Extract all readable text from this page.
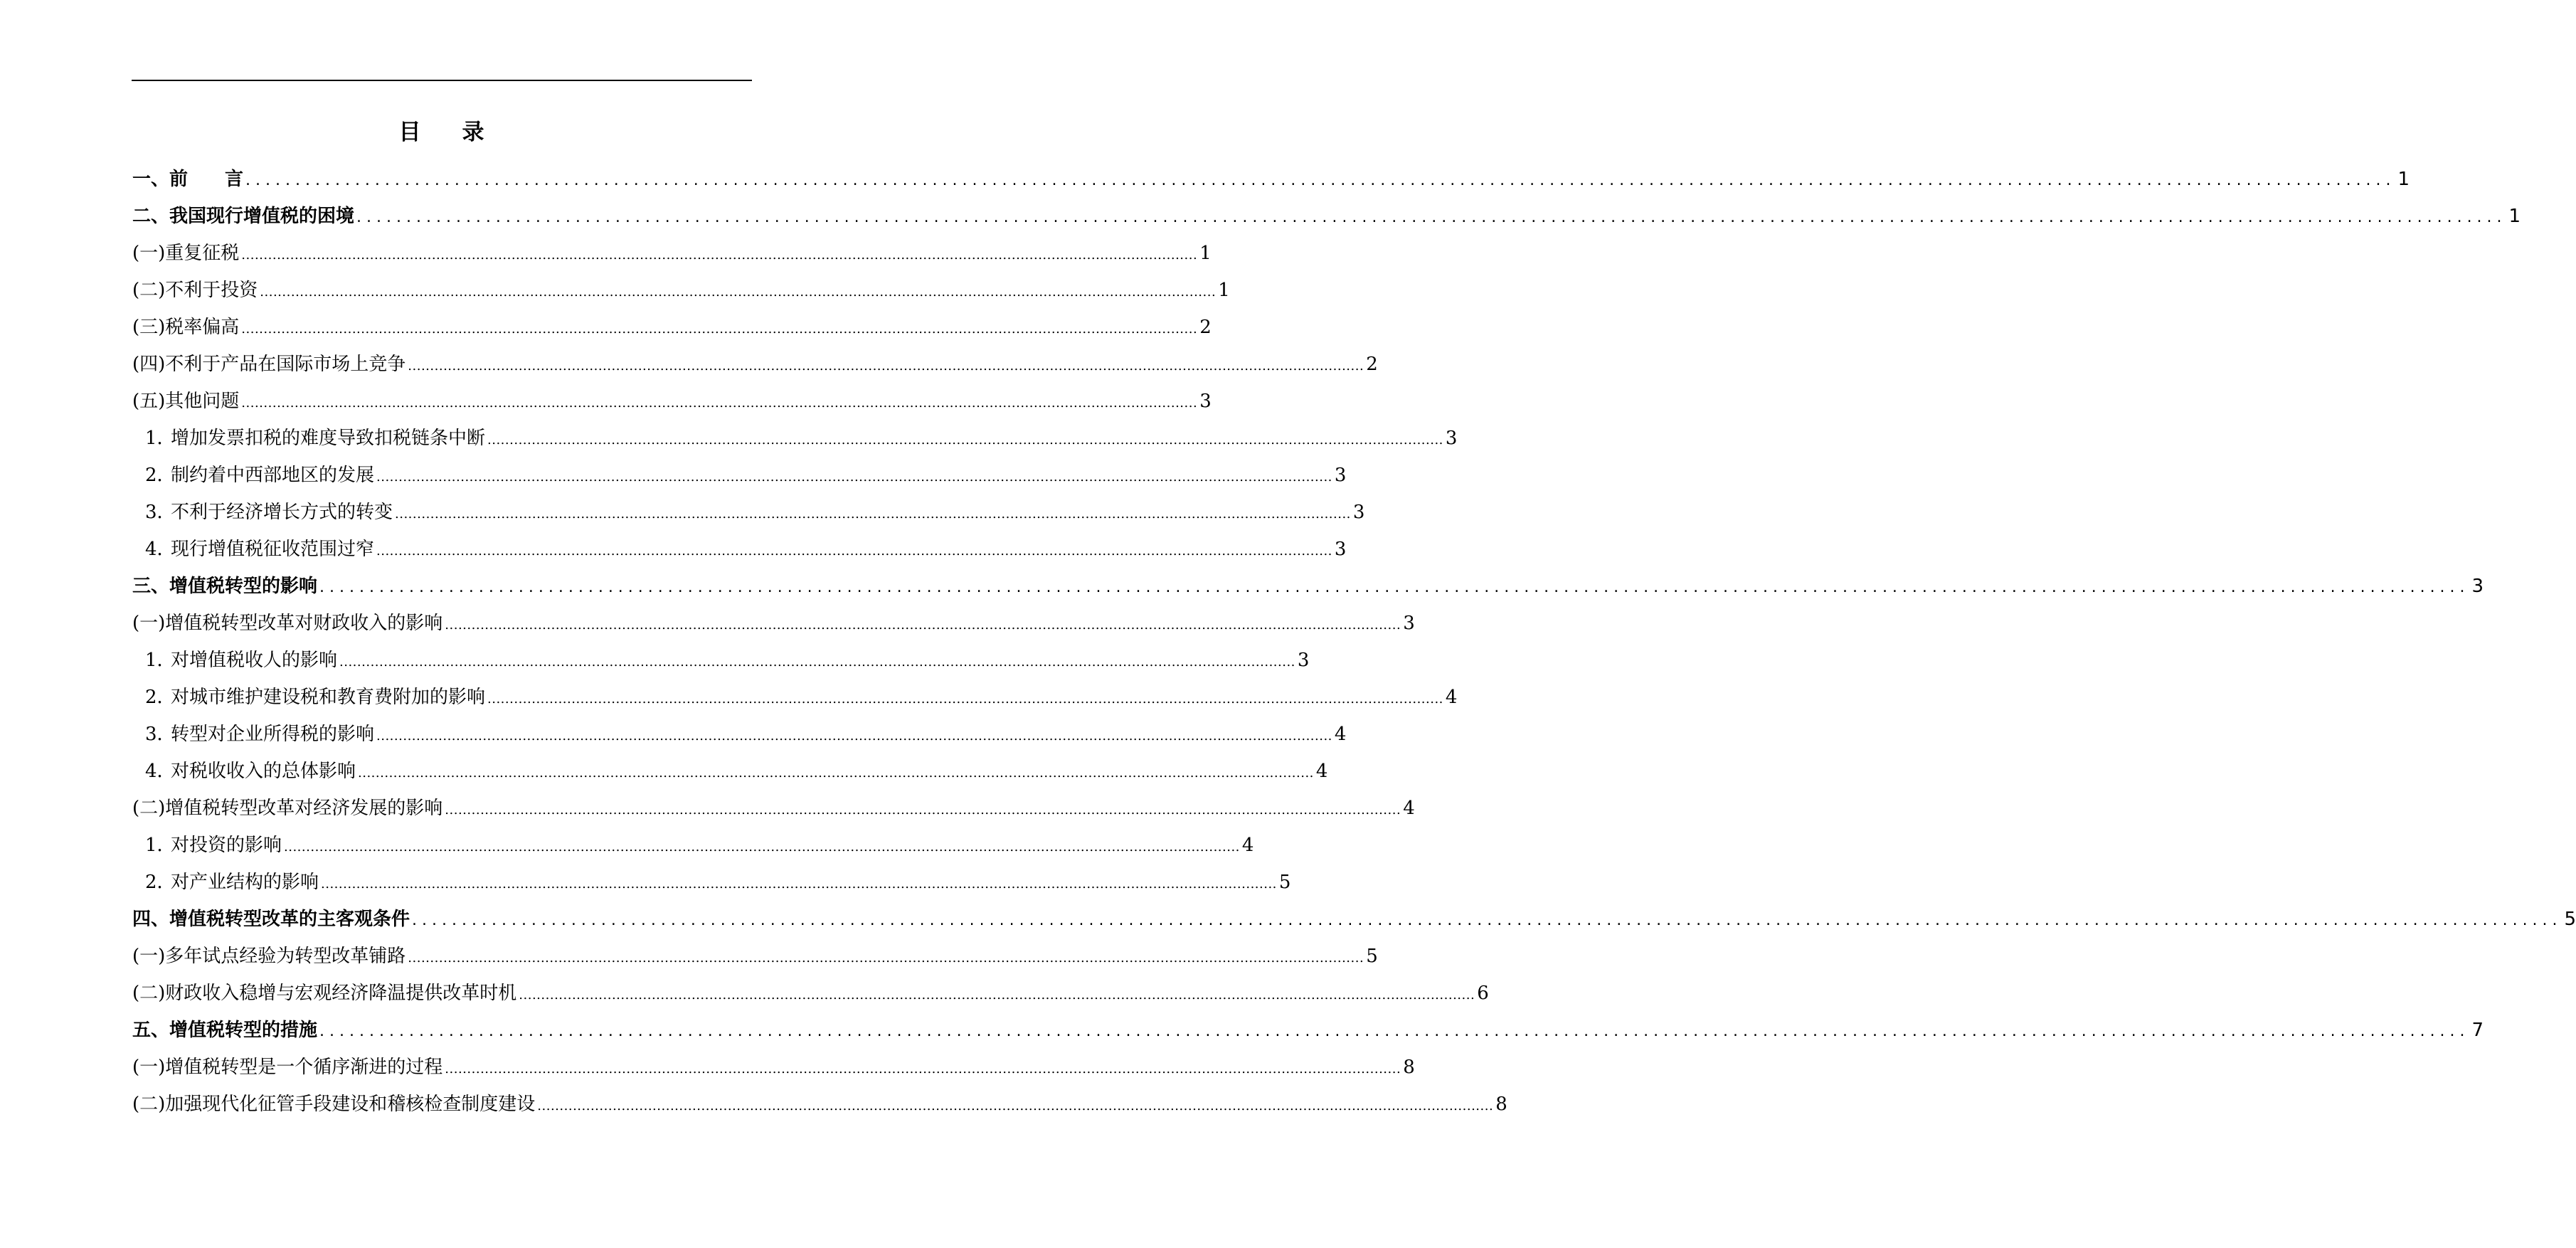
目 录
一、前　　言 ........................................................................................................................................................................................................................ 1
二、我国现行增值税的困境 ........................................................................................................................................................................................................................ 1
(一)重复征税 ........................................................................................................................................................................................................................ 1
(二)不利于投资 ........................................................................................................................................................................................................................ 1
(三)税率偏高 ........................................................................................................................................................................................................................ 2
(四)不利于产品在国际市场上竞争 ........................................................................................................................................................................................................................ 2
(五)其他问题 ........................................................................................................................................................................................................................ 3
1．增加发票扣税的难度导致扣税链条中断 ........................................................................................................................................................................................................................ 3
2．制约着中西部地区的发展 ........................................................................................................................................................................................................................ 3
3．不利于经济增长方式的转变 ........................................................................................................................................................................................................................ 3
4．现行增值税征收范围过窄 ........................................................................................................................................................................................................................ 3
三、增值税转型的影响 ........................................................................................................................................................................................................................ 3
(一)增值税转型改革对财政收入的影响 ........................................................................................................................................................................................................................ 3
1．对增值税收人的影响 ........................................................................................................................................................................................................................ 3
2．对城市维护建设税和教育费附加的影响 ........................................................................................................................................................................................................................ 4
3．转型对企业所得税的影响 ........................................................................................................................................................................................................................ 4
4．对税收收入的总体影响 ........................................................................................................................................................................................................................ 4
(二)增值税转型改革对经济发展的影响 ........................................................................................................................................................................................................................ 4
1．对投资的影响 ........................................................................................................................................................................................................................ 4
2．对产业结构的影响 ........................................................................................................................................................................................................................ 5
四、增值税转型改革的主客观条件 ........................................................................................................................................................................................................................ 5
(一)多年试点经验为转型改革铺路 ........................................................................................................................................................................................................................ 5
(二)财政收入稳增与宏观经济降温提供改革时机 ........................................................................................................................................................................................................................ 6
五、增值税转型的措施 ........................................................................................................................................................................................................................ 7
(一)增值税转型是一个循序渐进的过程 ........................................................................................................................................................................................................................ 8
(二)加强现代化征管手段建设和稽核检查制度建设 ........................................................................................................................................................................................................................ 8
